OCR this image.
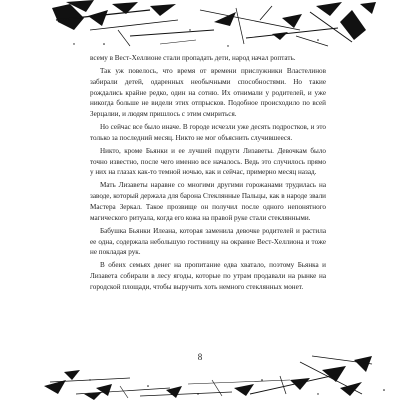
всему в Вест-Хеллионе стали пропадать дети, народ начал роптать.

Так уж повелось, что время от времени прислужники Властелинов забирали детей, одаренных необычными способностями. Но такие рождались крайне редко, один на сотню. Их отнимали у родителей, и уже никогда больше не видели этих отпрысков. Подобное происходило по всей Зерцалии, и людям пришлось с этим смириться.

Но сейчас все было иначе. В городе исчезли уже десять подростков, и это только за последний месяц. Никто не мог объяснить случившееся.

Никто, кроме Бьянки и ее лучшей подруги Лизаветы. Девочкам было точно известно, после чего именно все началось. Ведь это случилось прямо у них на глазах как-то темной ночью, как и сейчас, примерно месяц назад.

Мать Лизаветы наравне со многими другими горожанами трудилась на заводе, который держала для барона Стеклянные Пальцы, как в народе звали Мастера Зеркал. Такое прозвище он получил после одного непонятного магического ритуала, когда его кожа на правой руке стали стеклянными.

Бабушка Бьянки Илеана, которая заменила девочке родителей и растила ее одна, содержала небольшую гостиницу на окраине Вест-Хеллиона и тоже не покладая рук.

В обеих семьях денег на пропитание едва хватало, поэтому Бьянка и Лизавета собирали в лесу ягоды, которые по утрам продавали на рынке на городской площади, чтобы выручить хоть немного стеклянных монет.

8
